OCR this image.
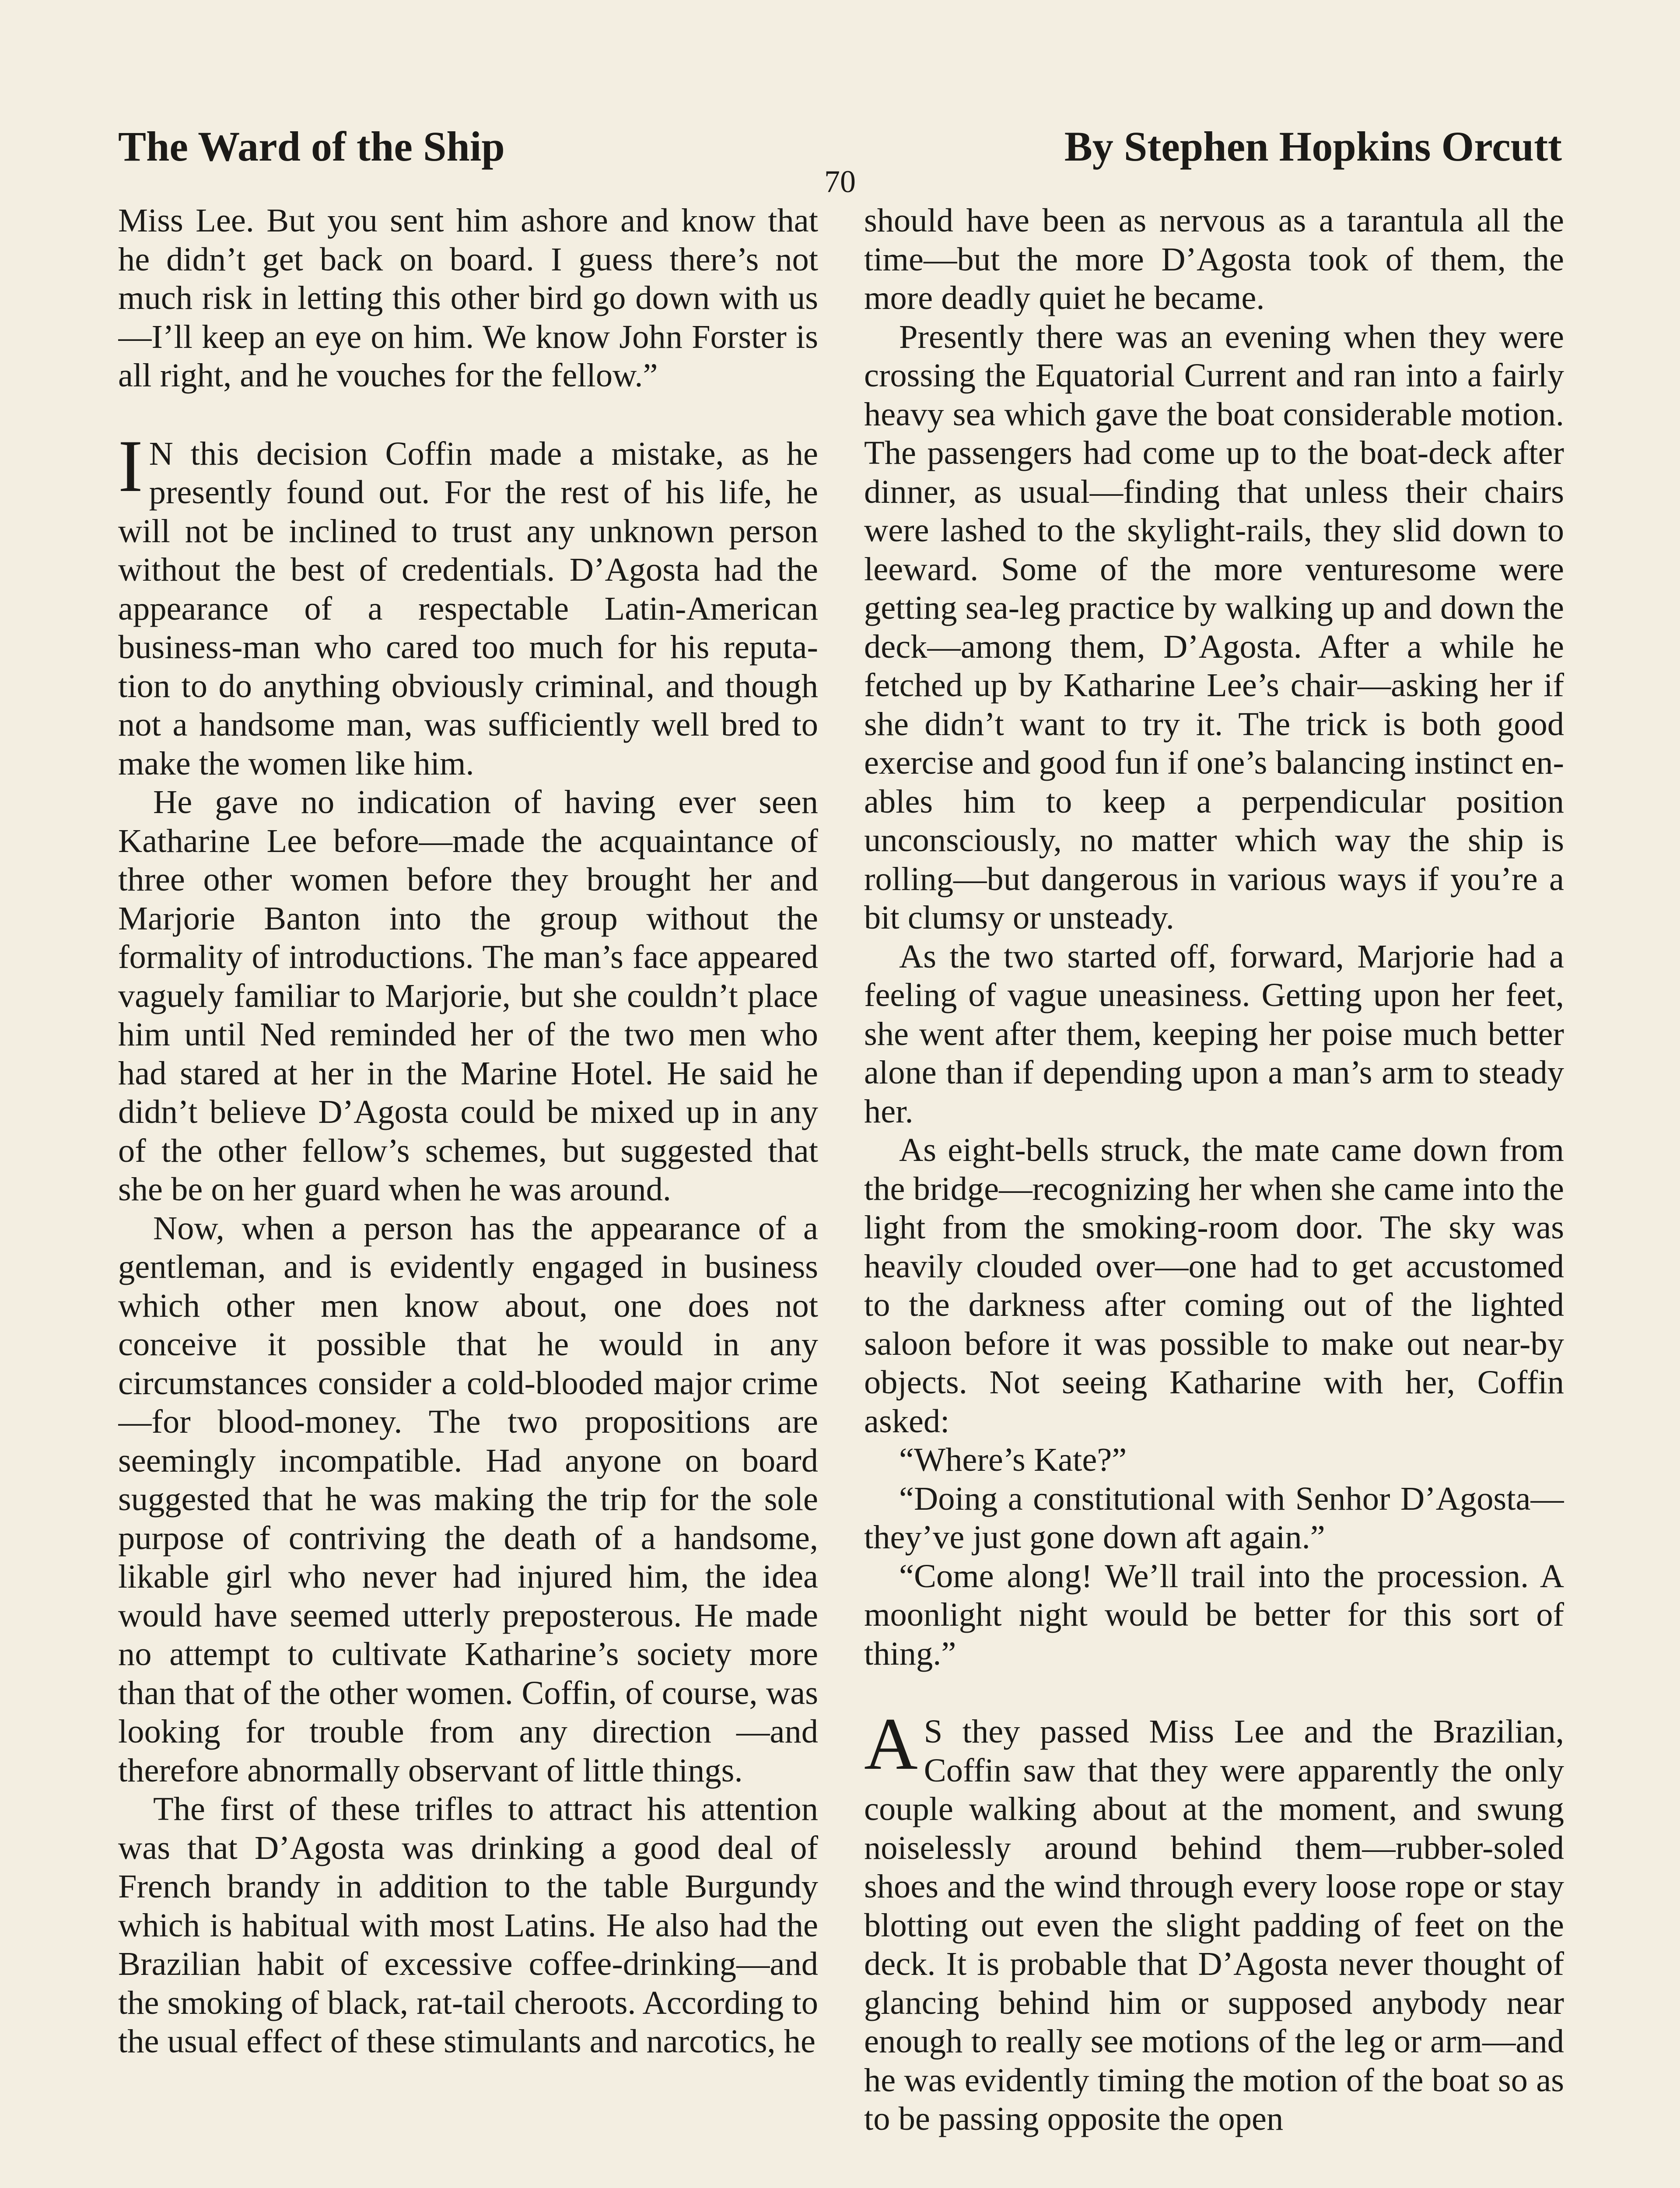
The Ward of the Ship	By Stephen Hopkins Orcutt
70

Miss Lee. But you sent him ashore and know that he didn’t get back on board. I guess there’s not much risk in letting this other bird go down with us—I’ll keep an eye on him. We know John Forster is all right, and he vouches for the fellow.”

I N this decision Coffin made a mistake, as he presently found out. For the rest of his life, he will not be inclined to trust any unknown person without the best of credentials. D’Agosta had the appearance of a respectable Latin-American business-man who cared too much for his reputation to do anything obviously criminal, and though not a handsome man, was sufficiently well bred to make the women like him.

He gave no indication of having ever seen Katharine Lee before—made the acquaintance of three other women before they brought her and Marjorie Banton into the group without the formality of introductions. The man’s face appeared vaguely familiar to Marjorie, but she couldn’t place him until Ned reminded her of the two men who had stared at her in the Marine Hotel. He said he didn’t believe D’Agosta could be mixed up in any of the other fellow’s schemes, but suggested that she be on her guard when he was around.

Now, when a person has the appearance of a gentleman, and is evidently engaged in business which other men know about, one does not conceive it possible that he would in any circumstances consider a cold-blooded major crime—for blood-money. The two propositions are seemingly incompatible. Had anyone on board suggested that he was making the trip for the sole purpose of contriving the death of a handsome, likable girl who never had injured him, the idea would have seemed utterly preposterous. He made no attempt to cultivate Katharine’s society more than that of the other women. Coffin, of course, was looking for trouble from any direction —and therefore abnormally observant of little things.

The first of these trifles to attract his attention was that D’Agosta was drinking a good deal of French brandy in addition to the table Burgundy which is habitual with most Latins. He also had the Brazilian habit of excessive coffee-drinking—and the smoking of black, rat-tail cheroots. According to the usual effect of these stimulants and narcotics, he

should have been as nervous as a tarantula all the time—but the more D’Agosta took of them, the more deadly quiet he became.

Presently there was an evening when they were crossing the Equatorial Current and ran into a fairly heavy sea which gave the boat considerable motion. The passengers had come up to the boat-deck after dinner, as usual—finding that unless their chairs were lashed to the skylight-rails, they slid down to leeward. Some of the more venturesome were getting sea-leg practice by walking up and down the deck—among them, D’Agosta. After a while he fetched up by Katharine Lee’s chair—asking her if she didn’t want to try it. The trick is both good exercise and good fun if one’s balancing instinct enables him to keep a perpendicular position unconsciously, no matter which way the ship is rolling—but dangerous in various ways if you’re a bit clumsy or unsteady.

As the two started off, forward, Marjorie had a feeling of vague uneasiness. Getting upon her feet, she went after them, keeping her poise much better alone than if depending upon a man’s arm to steady her.

As eight-bells struck, the mate came down from the bridge—recognizing her when she came into the light from the smoking-room door. The sky was heavily clouded over—one had to get accustomed to the darkness after coming out of the lighted saloon before it was possible to make out near-by objects. Not seeing Katharine with her, Coffin asked:

“Where’s Kate?”

“Doing a constitutional with Senhor D’Agosta—they’ve just gone down aft again.”

“Come along! We’ll trail into the procession. A moonlight night would be better for this sort of thing.”

A S they passed Miss Lee and the Brazilian, Coffin saw that they were apparently the only couple walking about at the moment, and swung noiselessly around behind them—rubber-soled shoes and the wind through every loose rope or stay blotting out even the slight padding of feet on the deck. It is probable that D’Agosta never thought of glancing behind him or supposed anybody near enough to really see motions of the leg or arm—and he was evidently timing the motion of the boat so as to be passing opposite the open
